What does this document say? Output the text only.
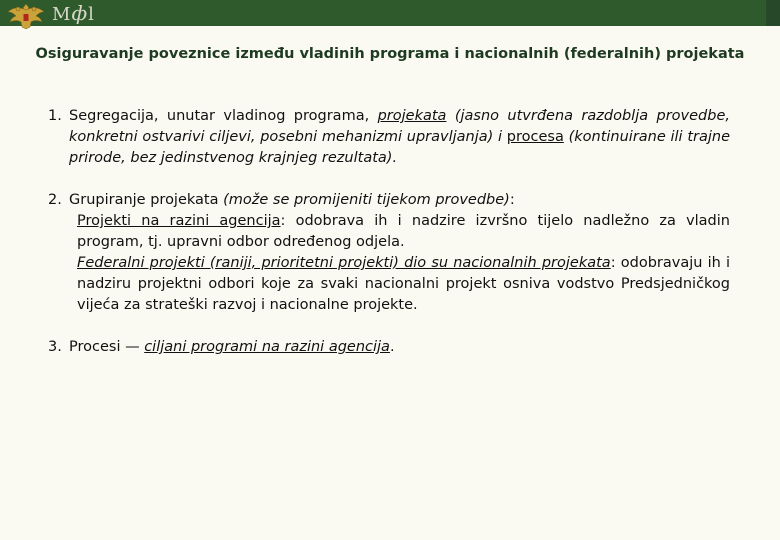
Мфl
Osiguravanje poveznice između vladinih programa i nacionalnih (federalnih) projekata
1. Segregacija, unutar vladinog programa, projekata (jasno utvrđena razdoblja provedbe, konkretni ostvarivi ciljevi, posebni mehanizmi upravljanja) i procesa (kontinuirane ili trajne prirode, bez jedinstvenog krajnjeg rezultata).
2. Grupiranje projekata (može se promijeniti tijekom provedbe):
Projekti na razini agencija: odobrava ih i nadzire izvršno tijelo nadležno za vladin program, tj. upravni odbor određenog odjela.
Federalni projekti (raniji, prioritetni projekti) dio su nacionalnih projekata: odobravaju ih i nadziru projektni odbori koje za svaki nacionalni projekt osniva vodstvo Predsjedničkog vijeća za strateški razvoj i nacionalne projekte.
3. Procesi — ciljani programi na razini agencija.
